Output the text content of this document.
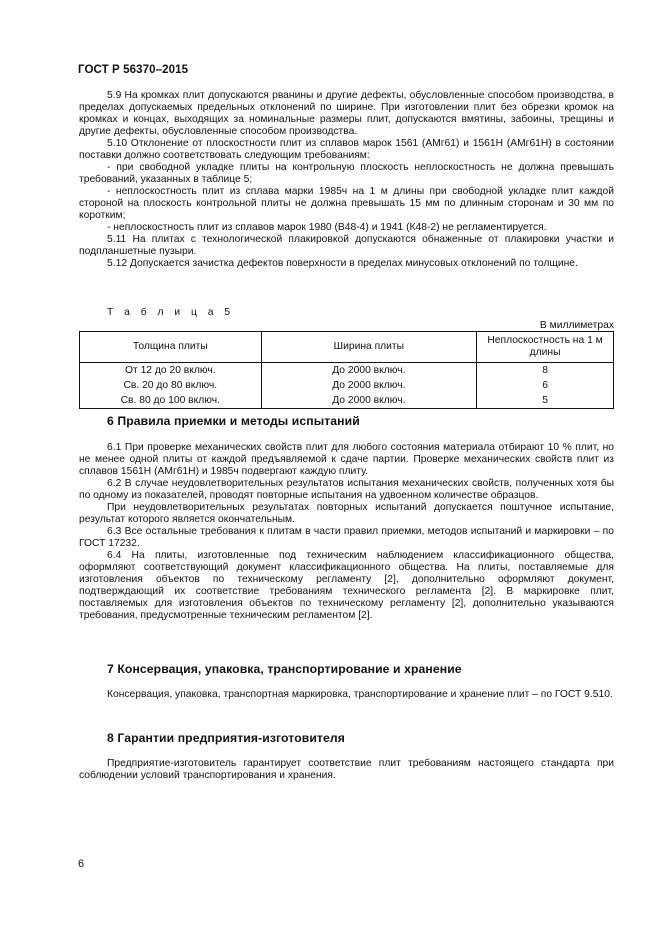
ГОСТ Р 56370–2015

5.9 На кромках плит допускаются рванины и другие дефекты, обусловленные способом производства, в пределах допускаемых предельных отклонений по ширине. При изготовлении плит без обрезки кромок на кромках и концах, выходящих за номинальные размеры плит, допускаются вмятины, забоины, трещины и другие дефекты, обусловленные способом производства.

5.10 Отклонение от плоскостности плит из сплавов марок 1561 (АМг61) и 1561Н (АМг61Н) в состоянии поставки должно соответствовать следующим требованиям:

- при свободной укладке плиты на контрольную плоскость неплоскостность не должна превышать требований, указанных в таблице 5;

- неплоскостность плит из сплава марки 1985ч на 1 м длины при свободной укладке плит каждой стороной на плоскость контрольной плиты не должна превышать 15 мм по длинным сторонам и 30 мм по коротким;

- неплоскостность плит из сплавов марок 1980 (В48-4) и 1941 (К48-2) не регламентируется.

5.11 На плитах с технологической плакировкой допускаются обнаженные от плакировки участки и подпланшетные пузыри.

5.12 Допускается зачистка дефектов поверхности в пределах минусовых отклонений по толщине.

Т а б л и ц а 5
В миллиметрах
Толщина плиты	Ширина плиты	Неплоскостность на 1 м длины

От 12 до 20 включ.	До 2000 включ.	8

Св. 20 до 80 включ.	До 2000 включ.	6

Св. 80 до 100 включ.	До 2000 включ.	5
6 Правила приемки и методы испытаний

6.1 При проверке механических свойств плит для любого состояния материала отбирают 10 % плит, но не менее одной плиты от каждой предъявляемой к сдаче партии. Проверке механических свойств плит из сплавов 1561Н (АМг61Н) и 1985ч подвергают каждую плиту.

6.2 В случае неудовлетворительных результатов испытания механических свойств, полученных хотя бы по одному из показателей, проводят повторные испытания на удвоенном количестве образцов.

При неудовлетворительных результатах повторных испытаний допускается поштучное испытание, результат которого является окончательным.

6.3 Все остальные требования к плитам в части правил приемки, методов испытаний и маркировки – по ГОСТ 17232.

6.4 На плиты, изготовленные под техническим наблюдением классификационного общества, оформляют соответствующий документ классификационного общества. На плиты, поставляемые для изготовления объектов по техническому регламенту [2], дополнительно оформляют документ, подтверждающий их соответствие требованиям технического регламента [2]. В маркировке плит, поставляемых для изготовления объектов по техническому регламенту [2], дополнительно указываются требования, предусмотренные техническим регламентом [2].

7 Консервация, упаковка, транспортирование и хранение

Консервация, упаковка, транспортная маркировка, транспортирование и хранение плит – по ГОСТ 9.510.

8 Гарантии предприятия-изготовителя

Предприятие-изготовитель гарантирует соответствие плит требованиям настоящего стандарта при соблюдении условий транспортирования и хранения.

6
